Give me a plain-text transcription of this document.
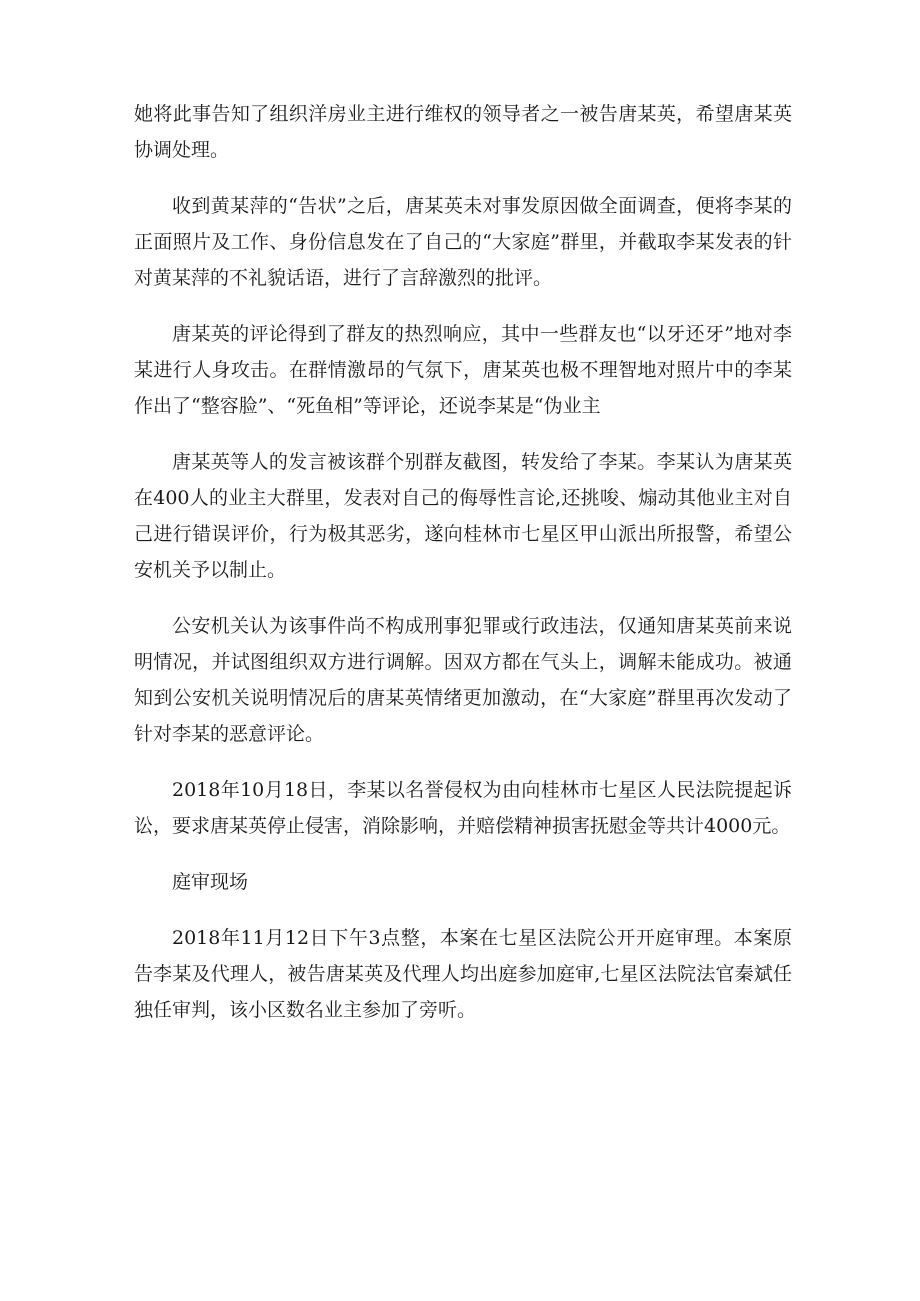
她将此事告知了组织洋房业主进行维权的领导者之一被告唐某英，希望唐某英协调处理。

收到黄某萍的“告状”之后，唐某英未对事发原因做全面调查，便将李某的正面照片及工作、身份信息发在了自己的“大家庭”群里，并截取李某发表的针对黄某萍的不礼貌话语，进行了言辞激烈的批评。

唐某英的评论得到了群友的热烈响应，其中一些群友也“以牙还牙”地对李某进行人身攻击。在群情激昂的气氛下，唐某英也极不理智地对照片中的李某作出了“整容脸”、“死鱼相”等评论，还说李某是“伪业主

唐某英等人的发言被该群个别群友截图，转发给了李某。李某认为唐某英在400人的业主大群里，发表对自己的侮辱性言论,还挑唆、煽动其他业主对自己进行错误评价，行为极其恶劣，遂向桂林市七星区甲山派出所报警，希望公安机关予以制止。

公安机关认为该事件尚不构成刑事犯罪或行政违法，仅通知唐某英前来说明情况，并试图组织双方进行调解。因双方都在气头上，调解未能成功。被通知到公安机关说明情况后的唐某英情绪更加激动，在“大家庭”群里再次发动了针对李某的恶意评论。

2018年10月18日，李某以名誉侵权为由向桂林市七星区人民法院提起诉讼，要求唐某英停止侵害，消除影响，并赔偿精神损害抚慰金等共计4000元。

庭审现场

2018年11月12日下午3点整，本案在七星区法院公开开庭审理。本案原告李某及代理人，被告唐某英及代理人均出庭参加庭审,七星区法院法官秦斌任独任审判，该小区数名业主参加了旁听。
